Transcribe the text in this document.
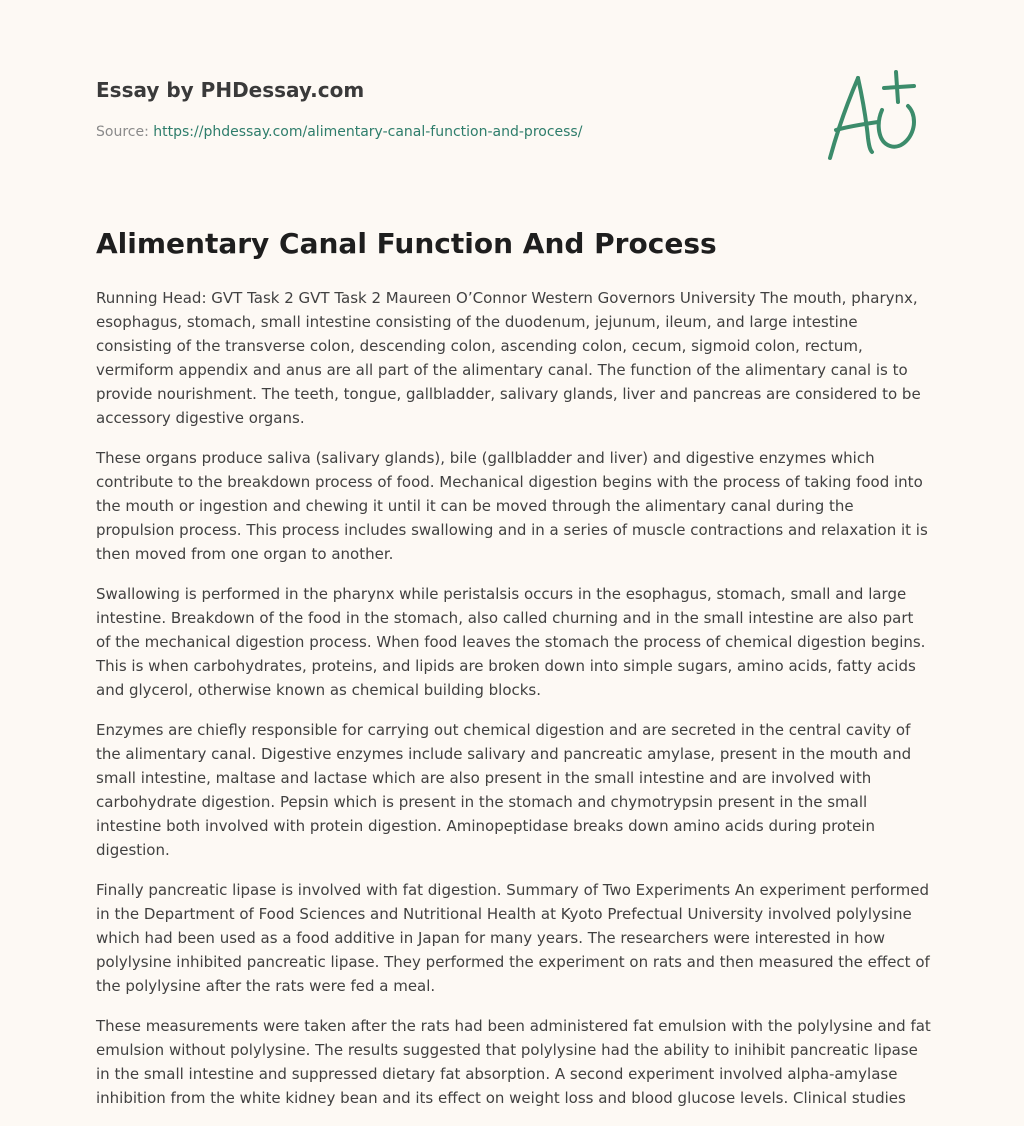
Essay by PHDessay.com
Source: https://phdessay.com/alimentary-canal-function-and-process/
Alimentary Canal Function And Process

Running Head: GVT Task 2 GVT Task 2 Maureen O’Connor Western Governors University The mouth, pharynx, esophagus, stomach, small intestine consisting of the duodenum, jejunum, ileum, and large intestine consisting of the transverse colon, descending colon, ascending colon, cecum, sigmoid colon, rectum, vermiform appendix and anus are all part of the alimentary canal. The function of the alimentary canal is to provide nourishment. The teeth, tongue, gallbladder, salivary glands, liver and pancreas are considered to be accessory digestive organs.

These organs produce saliva (salivary glands), bile (gallbladder and liver) and digestive enzymes which contribute to the breakdown process of food. Mechanical digestion begins with the process of taking food into the mouth or ingestion and chewing it until it can be moved through the alimentary canal during the propulsion process. This process includes swallowing and in a series of muscle contractions and relaxation it is then moved from one organ to another.

Swallowing is performed in the pharynx while peristalsis occurs in the esophagus, stomach, small and large intestine. Breakdown of the food in the stomach, also called churning and in the small intestine are also part of the mechanical digestion process. When food leaves the stomach the process of chemical digestion begins. This is when carbohydrates, proteins, and lipids are broken down into simple sugars, amino acids, fatty acids and glycerol, otherwise known as chemical building blocks.

Enzymes are chiefly responsible for carrying out chemical digestion and are secreted in the central cavity of the alimentary canal. Digestive enzymes include salivary and pancreatic amylase, present in the mouth and small intestine, maltase and lactase which are also present in the small intestine and are involved with carbohydrate digestion. Pepsin which is present in the stomach and chymotrypsin present in the small intestine both involved with protein digestion. Aminopeptidase breaks down amino acids during protein digestion.

Finally pancreatic lipase is involved with fat digestion. Summary of Two Experiments An experiment performed in the Department of Food Sciences and Nutritional Health at Kyoto Prefectual University involved polylysine which had been used as a food additive in Japan for many years. The researchers were interested in how polylysine inhibited pancreatic lipase. They performed the experiment on rats and then measured the effect of the polylysine after the rats were fed a meal.

These measurements were taken after the rats had been administered fat emulsion with the polylysine and fat emulsion without polylysine. The results suggested that polylysine had the ability to inihibit pancreatic lipase in the small intestine and suppressed dietary fat absorption. A second experiment involved alpha-amylase inhibition from the white kidney bean and its effect on weight loss and blood glucose levels. Clinical studies
